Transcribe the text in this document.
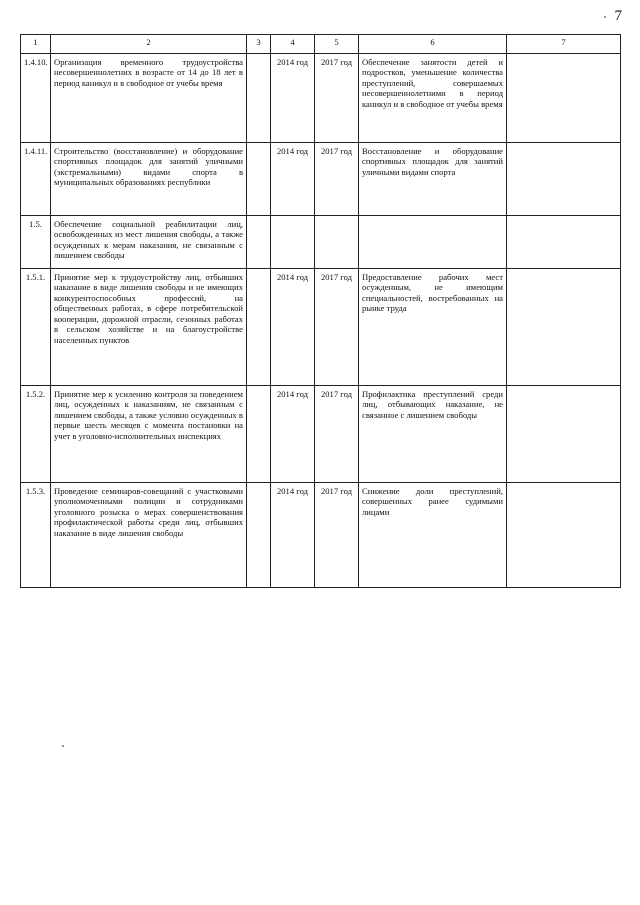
7
1	2	3	4	5	6	7
1.4.10.	Организация временного трудоустройства несовершеннолетних в возрасте от 14 до 18 лет в период каникул и в свободное от учебы время		2014 год	2017 год	Обеспечение занятости детей и подростков, уменьшение количества преступлений, совершаемых несовершеннолетними в период каникул и в свободное от учебы время	
1.4.11.	Строительство (восстановление) и оборудование спортивных площадок для занятий уличными (экстремальными) видами спорта в муниципальных образованиях республики		2014 год	2017 год	Восстановление и оборудование спортивных площадок для занятий уличными видами спорта	
1.5.	Обеспечение социальной реабилитации лиц, освобожденных из мест лишения свободы, а также осужденных к мерам наказания, не связанным с лишением свободы					
1.5.1.	Принятие мер к трудоустройству лиц, отбывших наказание в виде лишения свободы и не имеющих конкурентоспособных профессий, на общественных работах, в сфере потребительской кооперации, дорожной отрасли, сезонных работах в сельском хозяйстве и на благоустройстве населенных пунктов		2014 год	2017 год	Предоставление рабочих мест осужденным, не имеющим специальностей, востребованных на рынке труда	
1.5.2.	Принятие мер к усилению контроля за поведением лиц, осужденных к наказаниям, не связанным с лишением свободы, а также условно осужденных в первые шесть месяцев с момента постановки на учет в уголовно-исполнительных инспекциях		2014 год	2017 год	Профилактика преступлений среди лиц, отбывающих наказание, не связанное с лишением свободы	
1.5.3.	Проведение семинаров-совещаний с участковыми уполномоченными полиции и сотрудниками уголовного розыска о мерах совершенствования профилактической работы среди лиц, отбывших наказание в виде лишения свободы		2014 год	2017 год	Снижение доли преступлений, совершенных ранее судимыми лицами	
